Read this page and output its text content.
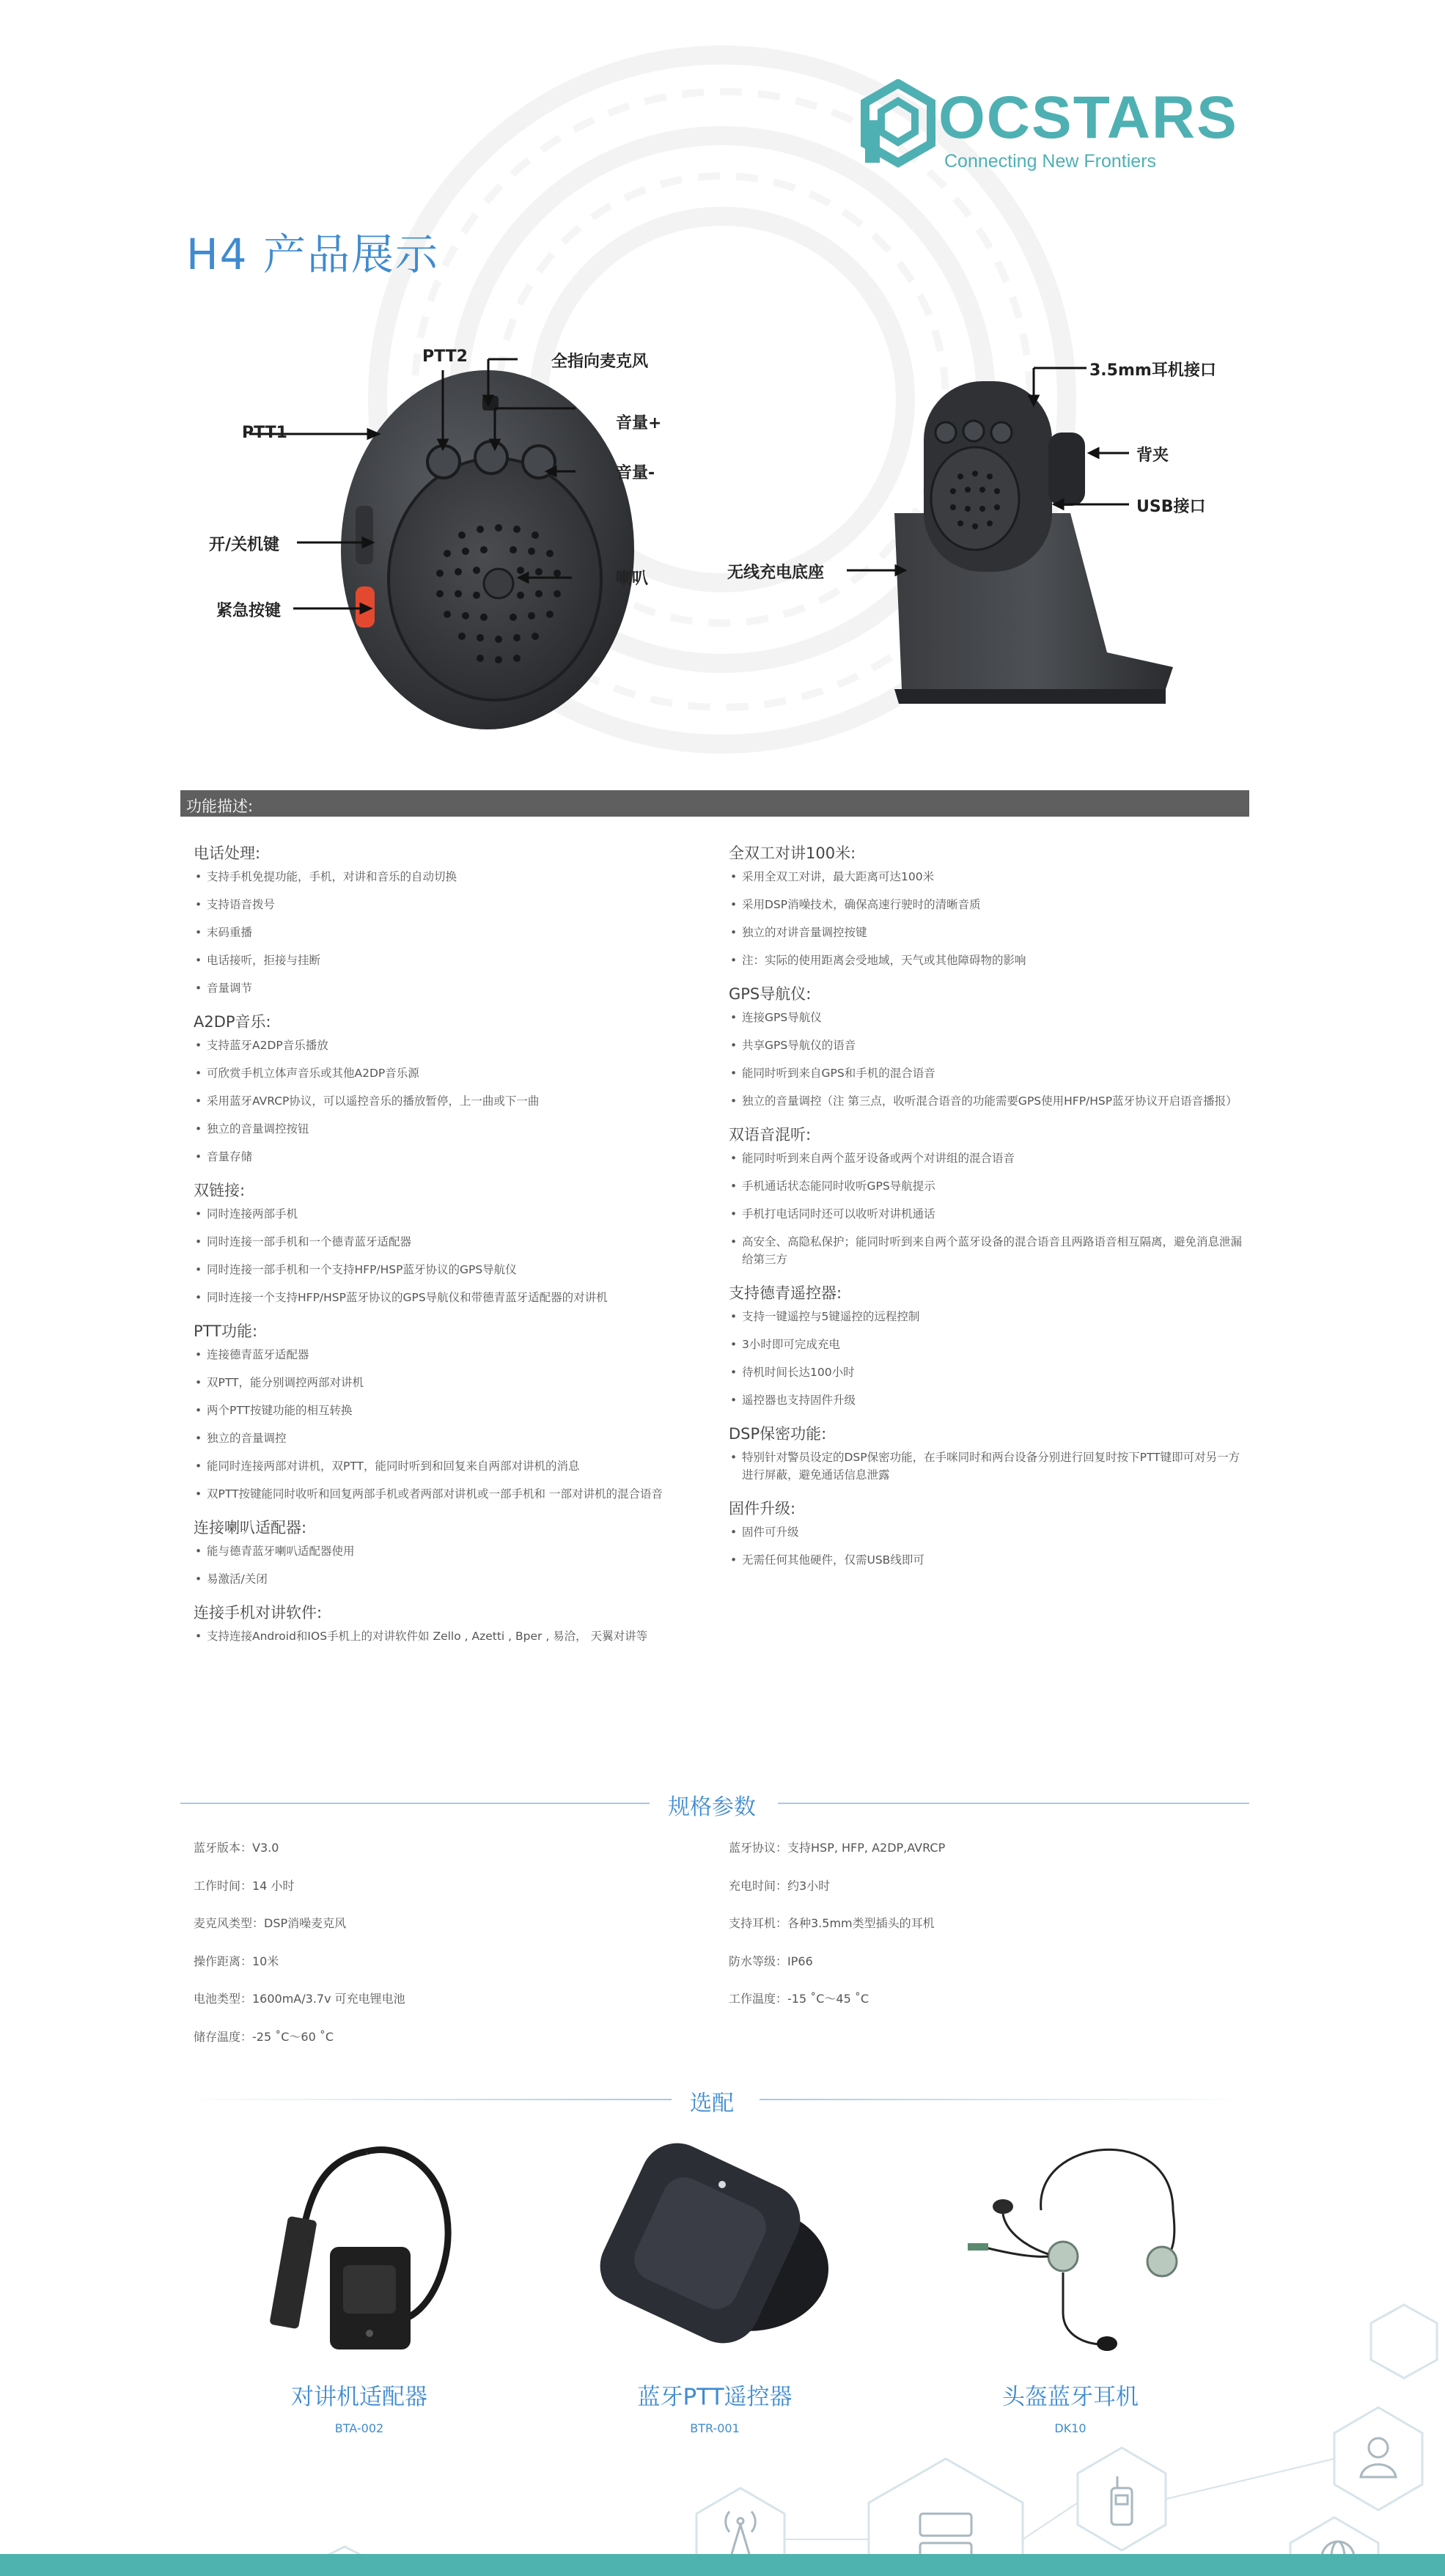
OCSTARS
Connecting New Frontiers
H4 产品展示
PTT2	全指向麦克风
PTT1
音量+
音量-
开/关机键
喇叭
紧急按键
3.5mm耳机接口
背夹
USB接口
无线充电底座
功能描述:
电话处理:
• 支持手机免提功能，手机，对讲和音乐的自动切换
• 支持语音拨号
• 末码重播
• 电话接听，拒接与挂断
• 音量调节
A2DP音乐:
• 支持蓝牙A2DP音乐播放
• 可欣赏手机立体声音乐或其他A2DP音乐源
• 采用蓝牙AVRCP协议，可以遥控音乐的播放暂停，上一曲或下一曲
• 独立的音量调控按钮
• 音量存储
双链接:
• 同时连接两部手机
• 同时连接一部手机和一个德青蓝牙适配器
• 同时连接一部手机和一个支持HFP/HSP蓝牙协议的GPS导航仪
• 同时连接一个支持HFP/HSP蓝牙协议的GPS导航仪和带德青蓝牙适配器的对讲机
PTT功能:
• 连接德青蓝牙适配器
• 双PTT，能分别调控两部对讲机
• 两个PTT按键功能的相互转换
• 独立的音量调控
• 能同时连接两部对讲机，双PTT，能同时听到和回复来自两部对讲机的消息
• 双PTT按键能同时收听和回复两部手机或者两部对讲机或一部手机和 一部对讲机的混合语音
连接喇叭适配器:
• 能与德青蓝牙喇叭适配器使用
• 易激活/关闭
连接手机对讲软件:
• 支持连接Android和IOS手机上的对讲软件如 Zello , Azetti , Bper , 易洽， 天翼对讲等
全双工对讲100米:
• 采用全双工对讲，最大距离可达100米
• 采用DSP消噪技术，确保高速行驶时的清晰音质
• 独立的对讲音量调控按键
• 注：实际的使用距离会受地域，天气或其他障碍物的影响
GPS导航仪:
• 连接GPS导航仪
• 共享GPS导航仪的语音
• 能同时听到来自GPS和手机的混合语音
• 独立的音量调控（注 第三点，收听混合语音的功能需要GPS使用HFP/HSP蓝牙协议开启语音播报）
双语音混听:
• 能同时听到来自两个蓝牙设备或两个对讲组的混合语音
• 手机通话状态能同时收听GPS导航提示
• 手机打电话同时还可以收听对讲机通话
• 高安全、高隐私保护；能同时听到来自两个蓝牙设备的混合语音且两路语音相互隔离，避免消息泄漏给第三方
支持德青遥控器:
• 支持一键遥控与5键遥控的远程控制
• 3小时即可完成充电
• 待机时间长达100小时
• 遥控器也支持固件升级
DSP保密功能:
• 特别针对警员设定的DSP保密功能，在手咪同时和两台设备分别进行回复时按下PTT键即可对另一方进行屏蔽，避免通话信息泄露
固件升级:
• 固件可升级
• 无需任何其他硬件，仅需USB线即可
规格参数
蓝牙版本：V3.0
工作时间：14 小时
麦克风类型：DSP消噪麦克风
操作距离：10米
电池类型：1600mA/3.7v 可充电锂电池
储存温度：-25 ˚C～60 ˚C
蓝牙协议：支持HSP, HFP, A2DP,AVRCP
充电时间：约3小时
支持耳机：各种3.5mm类型插头的耳机
防水等级：IP66
工作温度：-15 ˚C～45 ˚C
选配
对讲机适配器
BTA-002
蓝牙PTT遥控器
BTR-001
头盔蓝牙耳机
DK10
